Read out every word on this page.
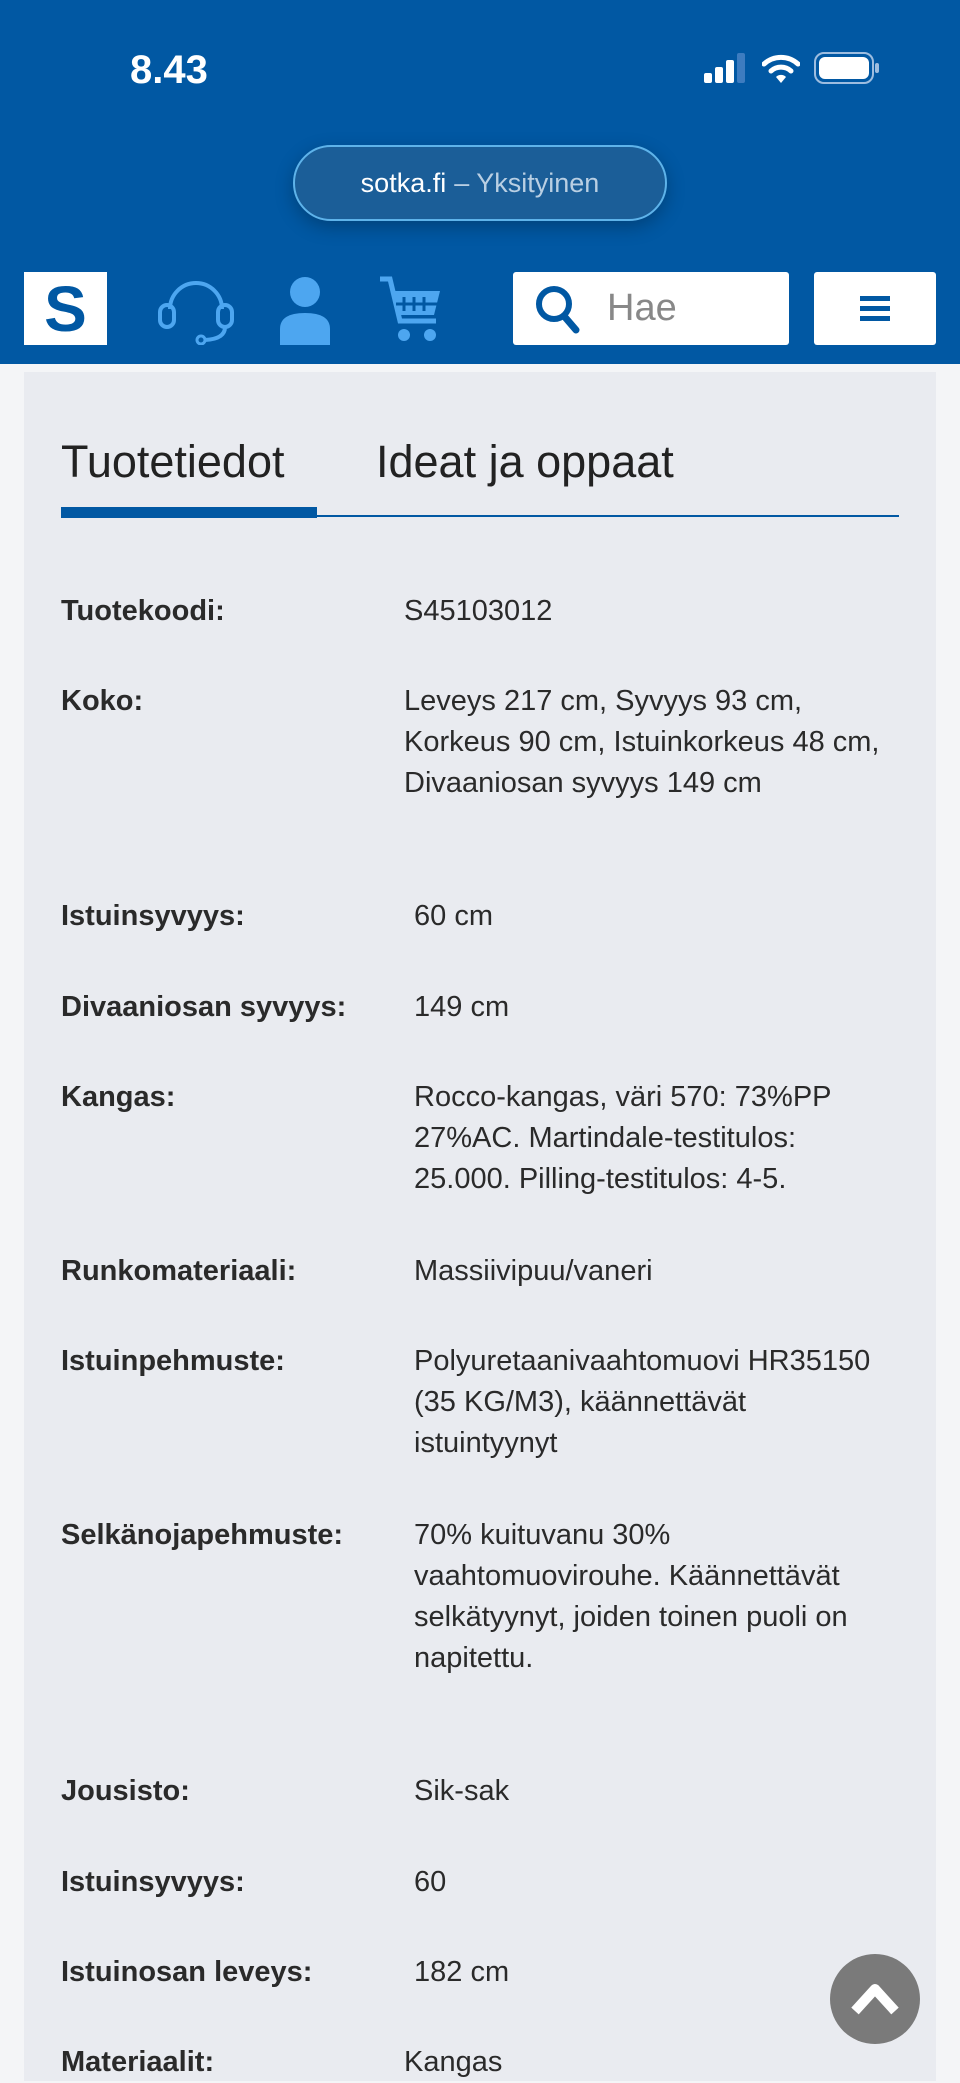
8.43
sotka.fi – Yksityinen
S	Hae
Tuotetiedot Ideat ja oppaat
Tuotekoodi:	S45103012
Koko:	Leveys 217 cm, Syvyys 93 cm, Korkeus 90 cm, Istuinkorkeus 48 cm, Divaaniosan syvyys 149 cm
Istuinsyvyys:	60 cm
Divaaniosan syvyys: 149 cm
Kangas:	Rocco-kangas, väri 570: 73%PP 27%AC. Martindale-testitulos: 25.000. Pilling-testitulos: 4-5.
Runkomateriaali:	Massiivipuu/vaneri
Istuinpehmuste:	Polyuretaanivaahtomuovi HR35150 (35 KG/M3), käännettävät istuintyynyt
Selkänojapehmuste: 70% kuituvanu 30% vaahtomuovirouhe. Käännettävät selkätyynyt, joiden toinen puoli on napitettu.
Jousisto:	Sik-sak
Istuinsyvyys:	60
Istuinosan leveys:	182 cm
Materiaalit:	Kangas
